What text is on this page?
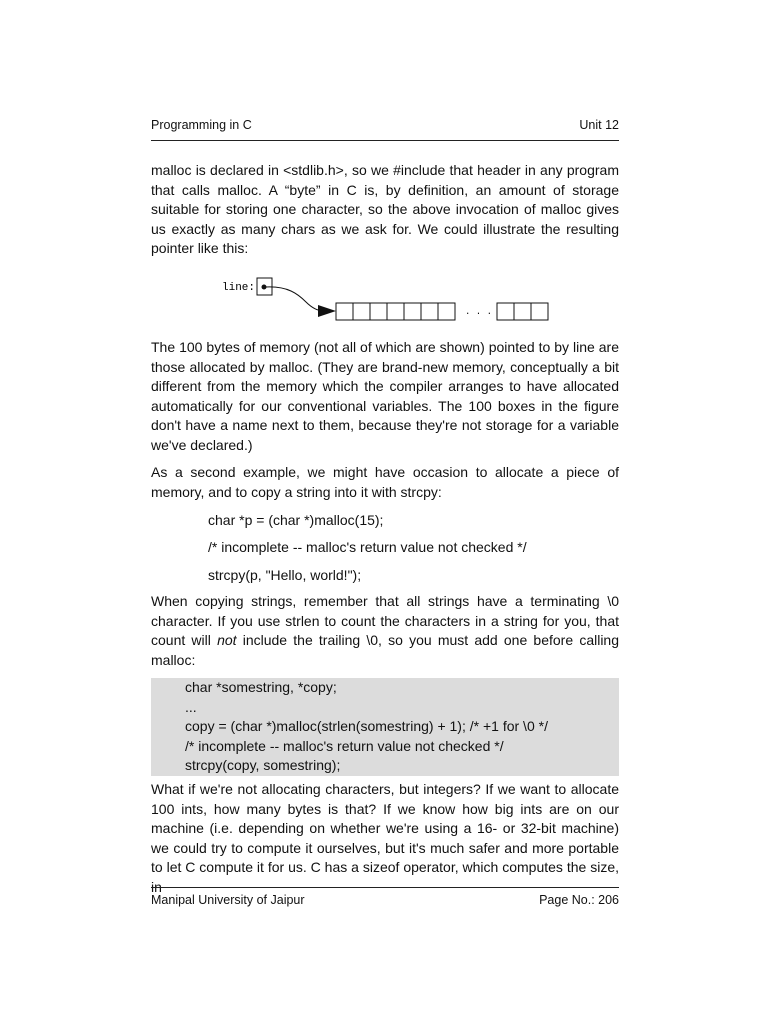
Programming in C	Unit 12

malloc is declared in <stdlib.h>, so we #include that header in any program that calls malloc. A “byte” in C is, by definition, an amount of storage suitable for storing one character, so the above invocation of malloc gives us exactly as many chars as we ask for. We could illustrate the resulting pointer like this:

The 100 bytes of memory (not all of which are shown) pointed to by line are those allocated by malloc. (They are brand-new memory, conceptually a bit different from the memory which the compiler arranges to have allocated automatically for our conventional variables. The 100 boxes in the figure don't have a name next to them, because they're not storage for a variable we've declared.)

As a second example, we might have occasion to allocate a piece of memory, and to copy a string into it with strcpy:

char *p = (char *)malloc(15);
/* incomplete -- malloc's return value not checked */
strcpy(p, "Hello, world!");

When copying strings, remember that all strings have a terminating \0 character. If you use strlen to count the characters in a string for you, that count will not include the trailing \0, so you must add one before calling malloc:

char *somestring, *copy;
...
copy = (char *)malloc(strlen(somestring) + 1); /* +1 for \0 */
/* incomplete -- malloc's return value not checked */
strcpy(copy, somestring);

What if we're not allocating characters, but integers? If we want to allocate 100 ints, how many bytes is that? If we know how big ints are on our machine (i.e. depending on whether we're using a 16- or 32-bit machine) we could try to compute it ourselves, but it's much safer and more portable to let C compute it for us. C has a sizeof operator, which computes the size, in

Manipal University of Jaipur	Page No.: 206
line:
· · ·
